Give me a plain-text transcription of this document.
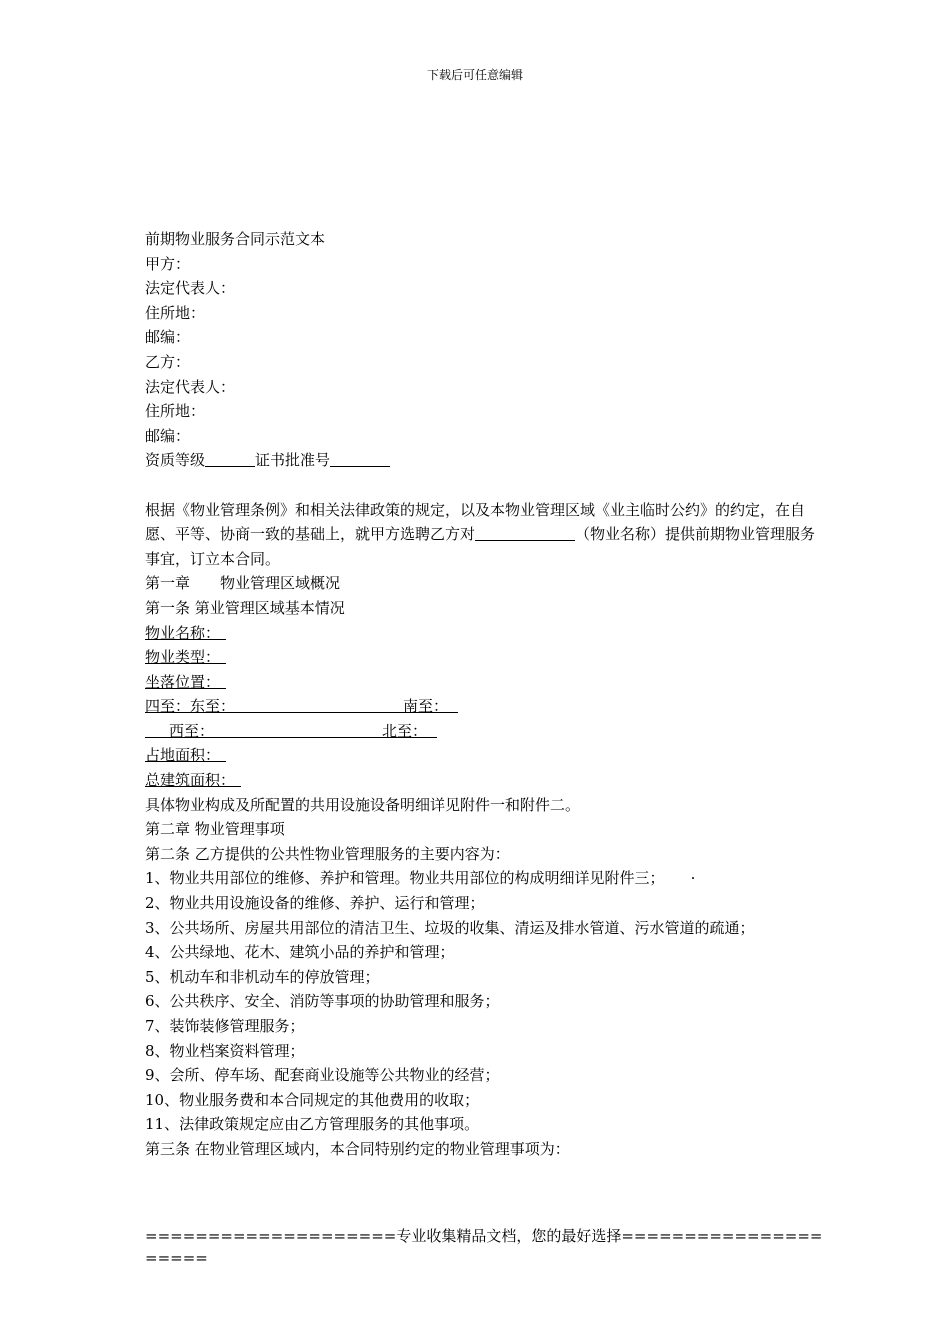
下载后可任意编辑
前期物业服务合同示范文本
甲方：
法定代表人：
住所地：
邮编：
乙方：
法定代表人：
住所地：
邮编：
资质等级	证书批准号
根据《物业管理条例》和相关法律政策的规定，以及本物业管理区域《业主临时公约》的约定，在自愿、平等、协商一致的基础上，就甲方选聘乙方对	（物业名称）提供前期物业管理服务事宜，订立本合同。
第一章　　物业管理区域概况
第一条 第业管理区域基本情况
物业名称：
物业类型：
坐落位置：
四至：东至：	南至：
西至：	北至：
占地面积：
总建筑面积：
具体物业构成及所配置的共用设施设备明细详见附件一和附件二。
第二章 物业管理事项
第二条 乙方提供的公共性物业管理服务的主要内容为：
1、物业共用部位的维修、养护和管理。物业共用部位的构成明细详见附件三； ·
2、物业共用设施设备的维修、养护、运行和管理；
3、公共场所、房屋共用部位的清洁卫生、垃圾的收集、清运及排水管道、污水管道的疏通；
4、公共绿地、花木、建筑小品的养护和管理；
5、机动车和非机动车的停放管理；
6、公共秩序、安全、消防等事项的协助管理和服务；
7、装饰装修管理服务；
8、物业档案资料管理；
9、会所、停车场、配套商业设施等公共物业的经营；
10、物业服务费和本合同规定的其他费用的收取；
11、法律政策规定应由乙方管理服务的其他事项。
第三条 在物业管理区域内，本合同特别约定的物业管理事项为：
====================专业收集精品文档，您的最好选择=====================
